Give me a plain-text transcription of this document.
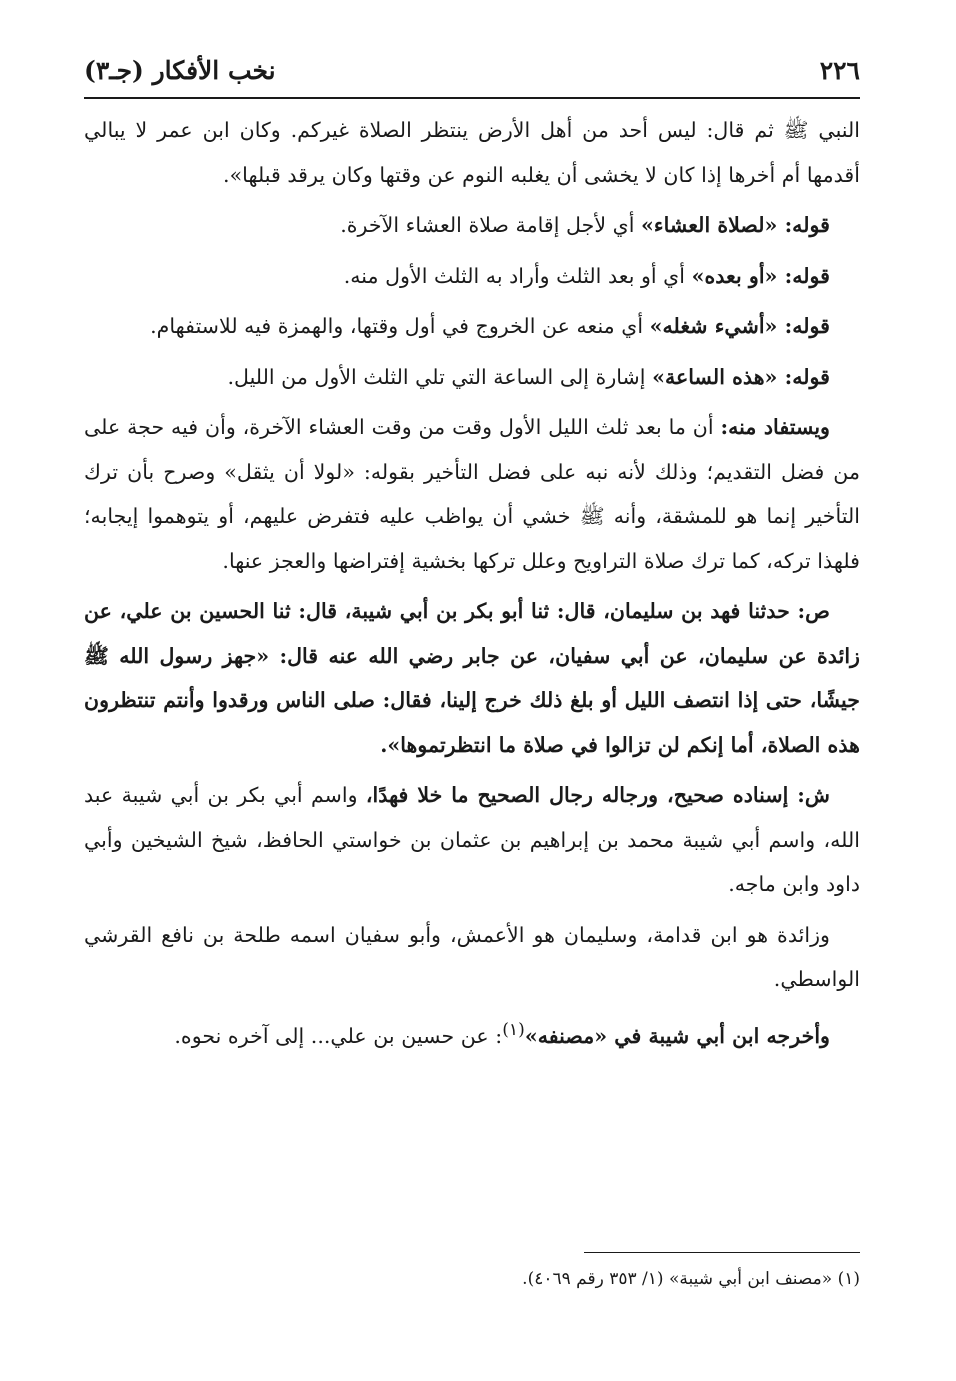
٢٢٦
نخب الأفكار (جـ٣)

النبي ﷺ ثم قال: ليس أحد من أهل الأرض ينتظر الصلاة غيركم. وكان ابن عمر لا يبالي أقدمها أم أخرها إذا كان لا يخشى أن يغلبه النوم عن وقتها وكان يرقد قبلها».

قوله: «لصلاة العشاء» أي لأجل إقامة صلاة العشاء الآخرة.

قوله: «أو بعده» أي أو بعد الثلث وأراد به الثلث الأول منه.

قوله: «أشيء شغله» أي منعه عن الخروج في أول وقتها، والهمزة فيه للاستفهام.

قوله: «هذه الساعة» إشارة إلى الساعة التي تلي الثلث الأول من الليل.

ويستفاد منه: أن ما بعد ثلث الليل الأول وقت من وقت العشاء الآخرة، وأن فيه حجة على من فضل التقديم؛ وذلك لأنه نبه على فضل التأخير بقوله: «لولا أن يثقل» وصرح بأن ترك التأخير إنما هو للمشقة، وأنه ﷺ خشي أن يواظب عليه فتفرض عليهم، أو يتوهموا إيجابه؛ فلهذا تركه، كما ترك صلاة التراويح وعلل تركها بخشية إفتراضها والعجز عنها.

ص: حدثنا فهد بن سليمان، قال: ثنا أبو بكر بن أبي شيبة، قال: ثنا الحسين بن علي، عن زائدة عن سليمان، عن أبي سفيان، عن جابر رضي الله عنه قال: «جهز رسول الله ﷺ جيشًا، حتى إذا انتصف الليل أو بلغ ذلك خرج إلينا، فقال: صلى الناس ورقدوا وأنتم تنتظرون هذه الصلاة، أما إنكم لن تزالوا في صلاة ما انتظرتموها».

ش: إسناده صحيح، ورجاله رجال الصحيح ما خلا فهدًا، واسم أبي بكر بن أبي شيبة عبد الله، واسم أبي شيبة محمد بن إبراهيم بن عثمان بن خواستي الحافظ، شيخ الشيخين وأبي داود وابن ماجه.

وزائدة هو ابن قدامة، وسليمان هو الأعمش، وأبو سفيان اسمه طلحة بن نافع القرشي الواسطي.

وأخرجه ابن أبي شيبة في «مصنفه»$^{(١)}$: عن حسين بن علي... إلى آخره نحوه.

(١) «مصنف ابن أبي شيبة» (١/ ٣٥٣ رقم ٤٠٦٩).
